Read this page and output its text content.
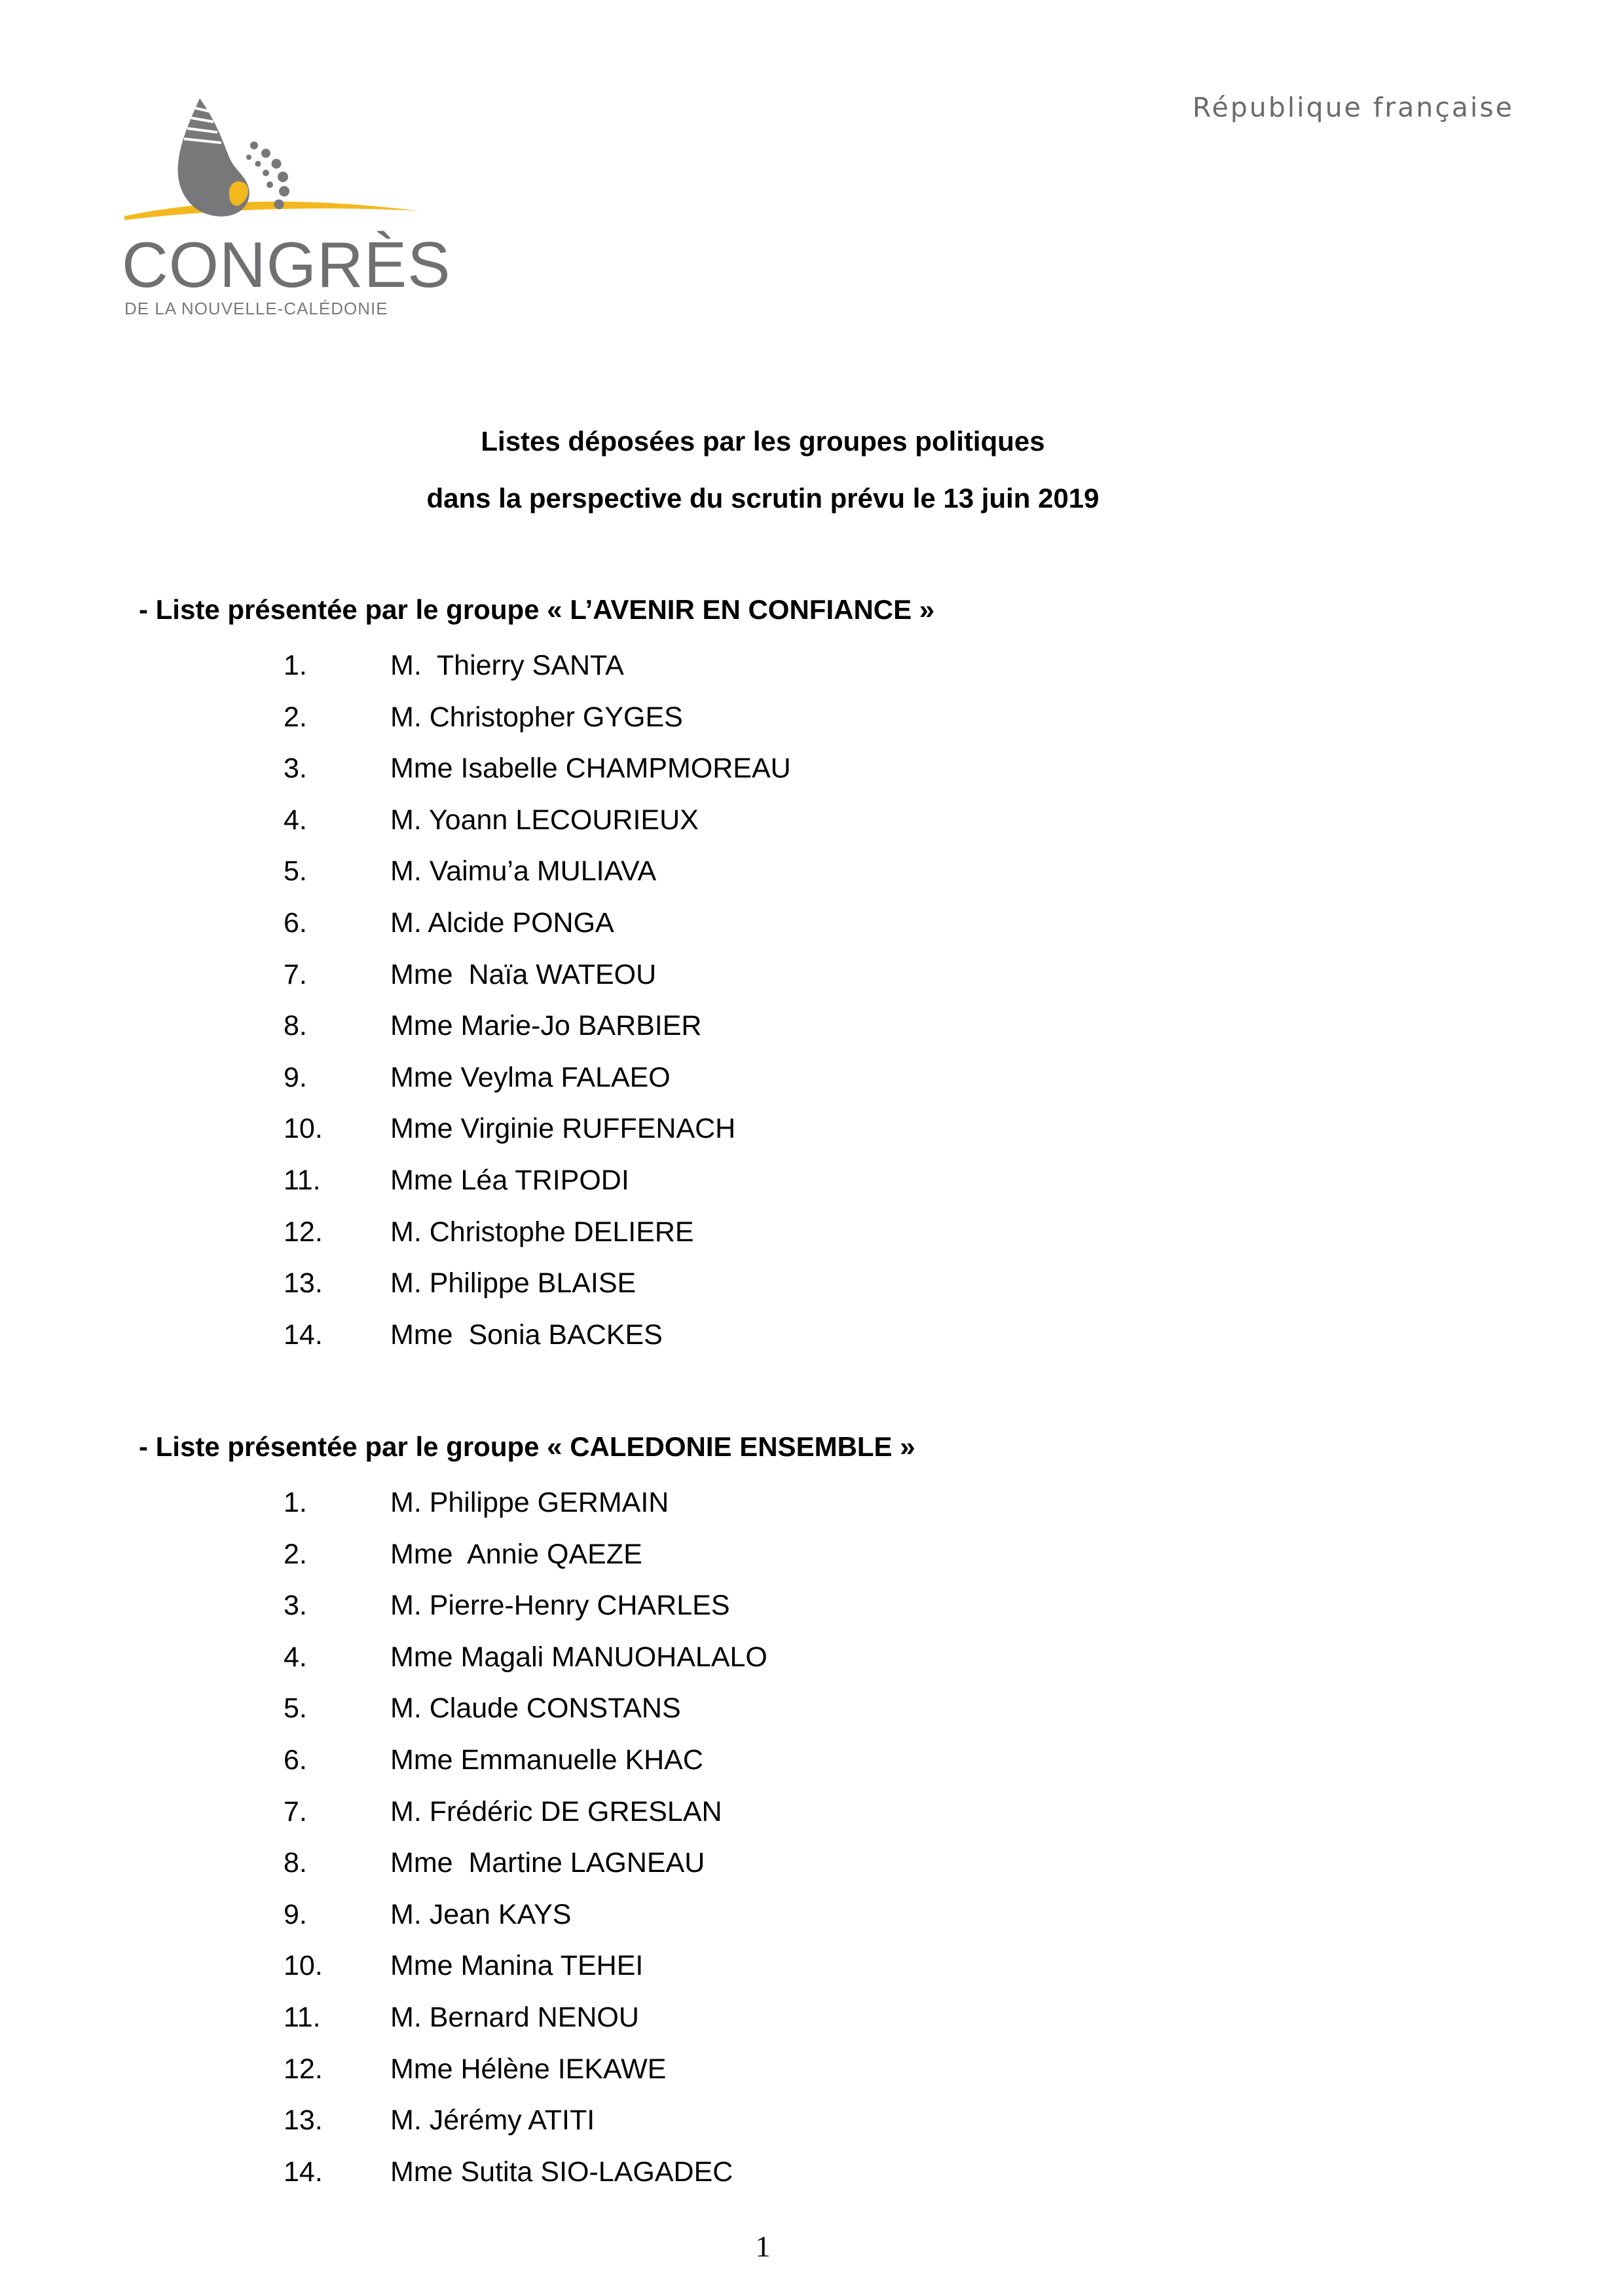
CONGRÈS
DE LA NOUVELLE-CALÉDONIE
République française
Listes déposées par les groupes politiques
dans la perspective du scrutin prévu le 13 juin 2019
- Liste présentée par le groupe « L’AVENIR EN CONFIANCE »
1.	M.  Thierry SANTA
2.	M. Christopher GYGES
3.	Mme Isabelle CHAMPMOREAU
4.	M. Yoann LECOURIEUX
5.	M. Vaimu’a MULIAVA
6.	M. Alcide PONGA
7.	Mme  Naïa WATEOU
8.	Mme Marie-Jo BARBIER
9.	Mme Veylma FALAEO
10. Mme Virginie RUFFENACH
11. Mme Léa TRIPODI
12. M. Christophe DELIERE
13. M. Philippe BLAISE
14. Mme  Sonia BACKES
- Liste présentée par le groupe « CALEDONIE ENSEMBLE »
1.	M. Philippe GERMAIN
2.	Mme  Annie QAEZE
3.	M. Pierre-Henry CHARLES
4.	Mme Magali MANUOHALALO
5.	M. Claude CONSTANS
6.	Mme Emmanuelle KHAC
7.	M. Frédéric DE GRESLAN
8.	Mme  Martine LAGNEAU
9.	M. Jean KAYS
10. Mme Manina TEHEI
11. M. Bernard NENOU
12. Mme Hélène IEKAWE
13. M. Jérémy ATITI
14. Mme Sutita SIO-LAGADEC
1
